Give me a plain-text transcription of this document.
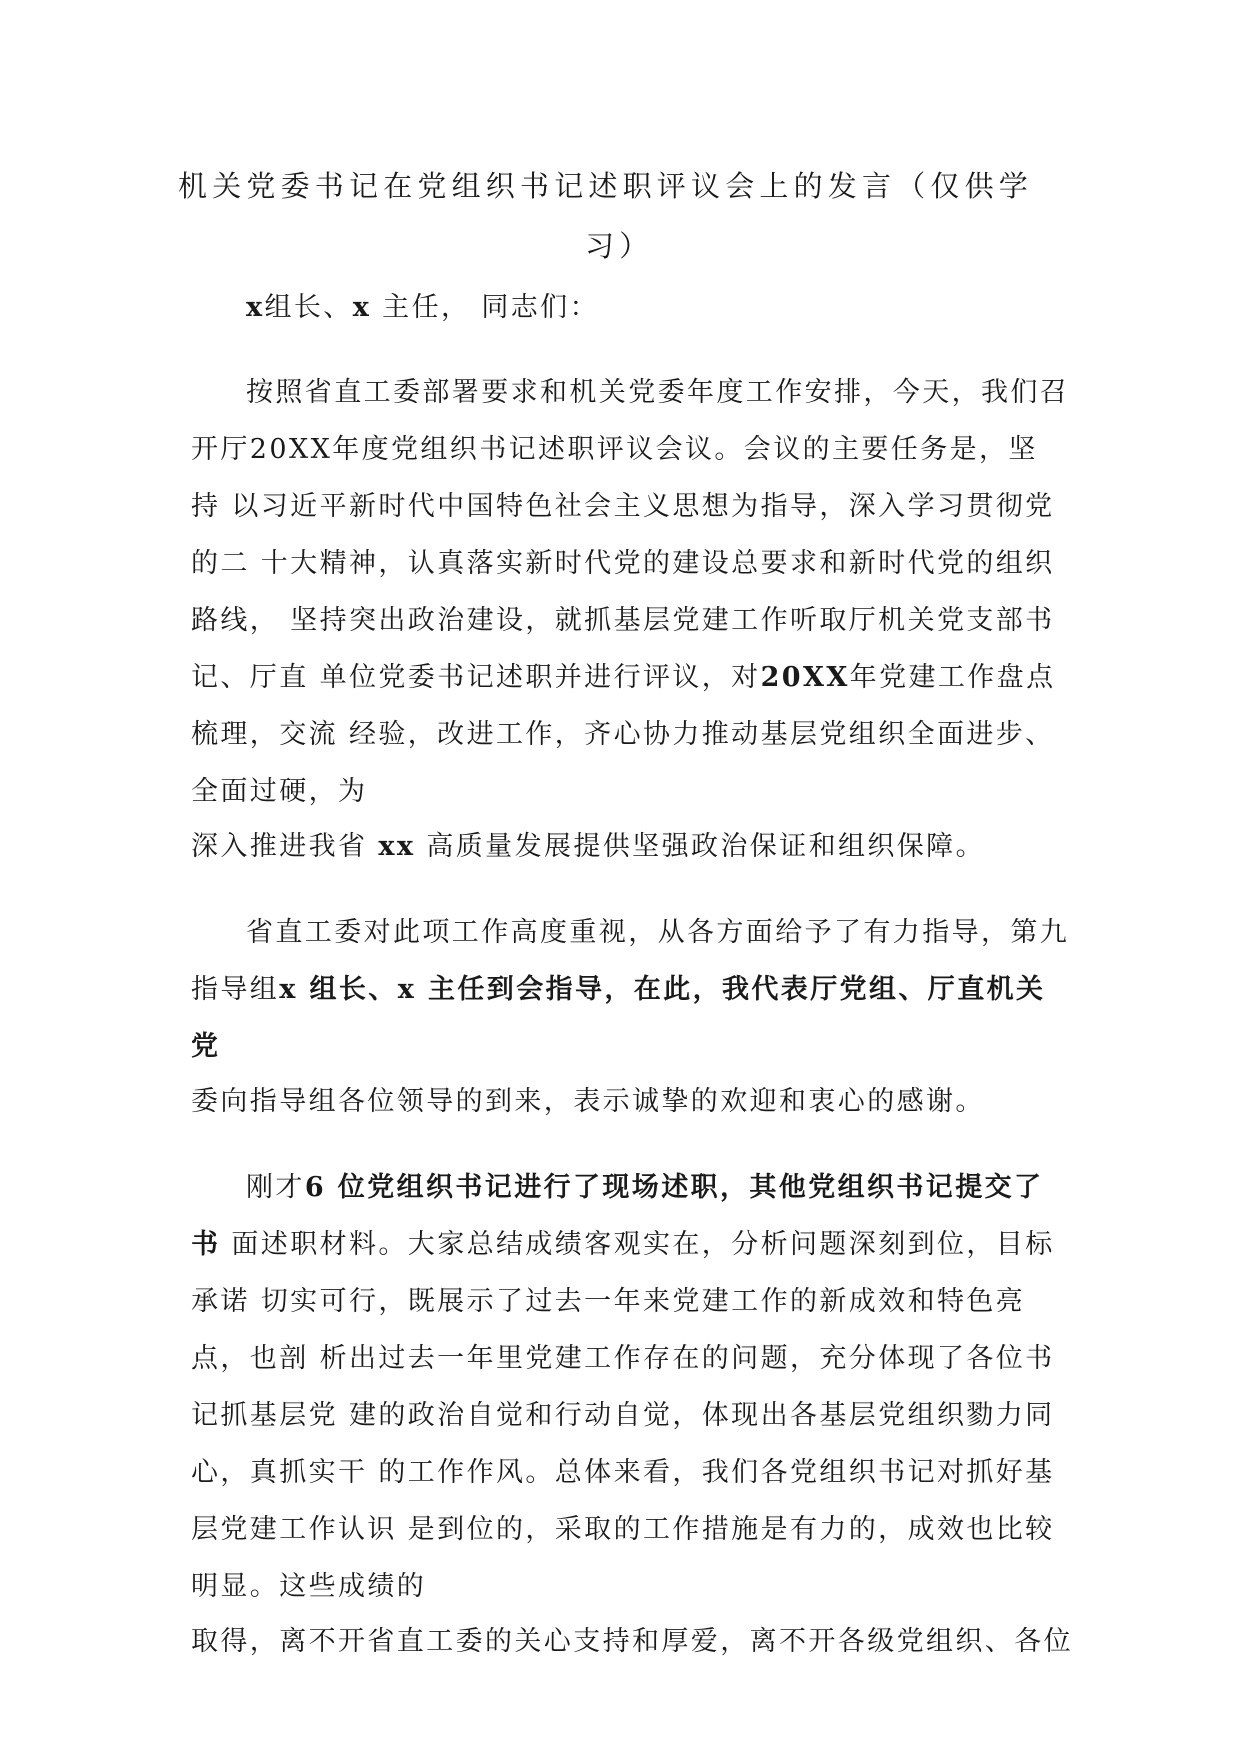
机关党委书记在党组织书记述职评议会上的发言（仅供学
习）
x组长、x 主任， 同志们：
按照省直工委部署要求和机关党委年度工作安排，今天，我们召
开厅20XX年度党组织书记述职评议会议。会议的主要任务是，坚
持 以习近平新时代中国特色社会主义思想为指导，深入学习贯彻党
的二 十大精神，认真落实新时代党的建设总要求和新时代党的组织
路线， 坚持突出政治建设，就抓基层党建工作听取厅机关党支部书
记、厅直 单位党委书记述职并进行评议，对20XX年党建工作盘点
梳理，交流 经验，改进工作，齐心协力推动基层党组织全面进步、
全面过硬，为
深入推进我省 xx 高质量发展提供坚强政治保证和组织保障。
省直工委对此项工作高度重视，从各方面给予了有力指导，第九
指导组x 组长、x 主任到会指导，在此，我代表厅党组、厅直机关
党
委向指导组各位领导的到来，表示诚挚的欢迎和衷心的感谢。
刚才6 位党组织书记进行了现场述职，其他党组织书记提交了
书 面述职材料。大家总结成绩客观实在，分析问题深刻到位，目标
承诺 切实可行，既展示了过去一年来党建工作的新成效和特色亮
点，也剖 析出过去一年里党建工作存在的问题，充分体现了各位书
记抓基层党 建的政治自觉和行动自觉，体现出各基层党组织勠力同
心，真抓实干 的工作作风。总体来看，我们各党组织书记对抓好基
层党建工作认识 是到位的，采取的工作措施是有力的，成效也比较
明显。这些成绩的
取得，离不开省直工委的关心支持和厚爱，离不开各级党组织、各位
